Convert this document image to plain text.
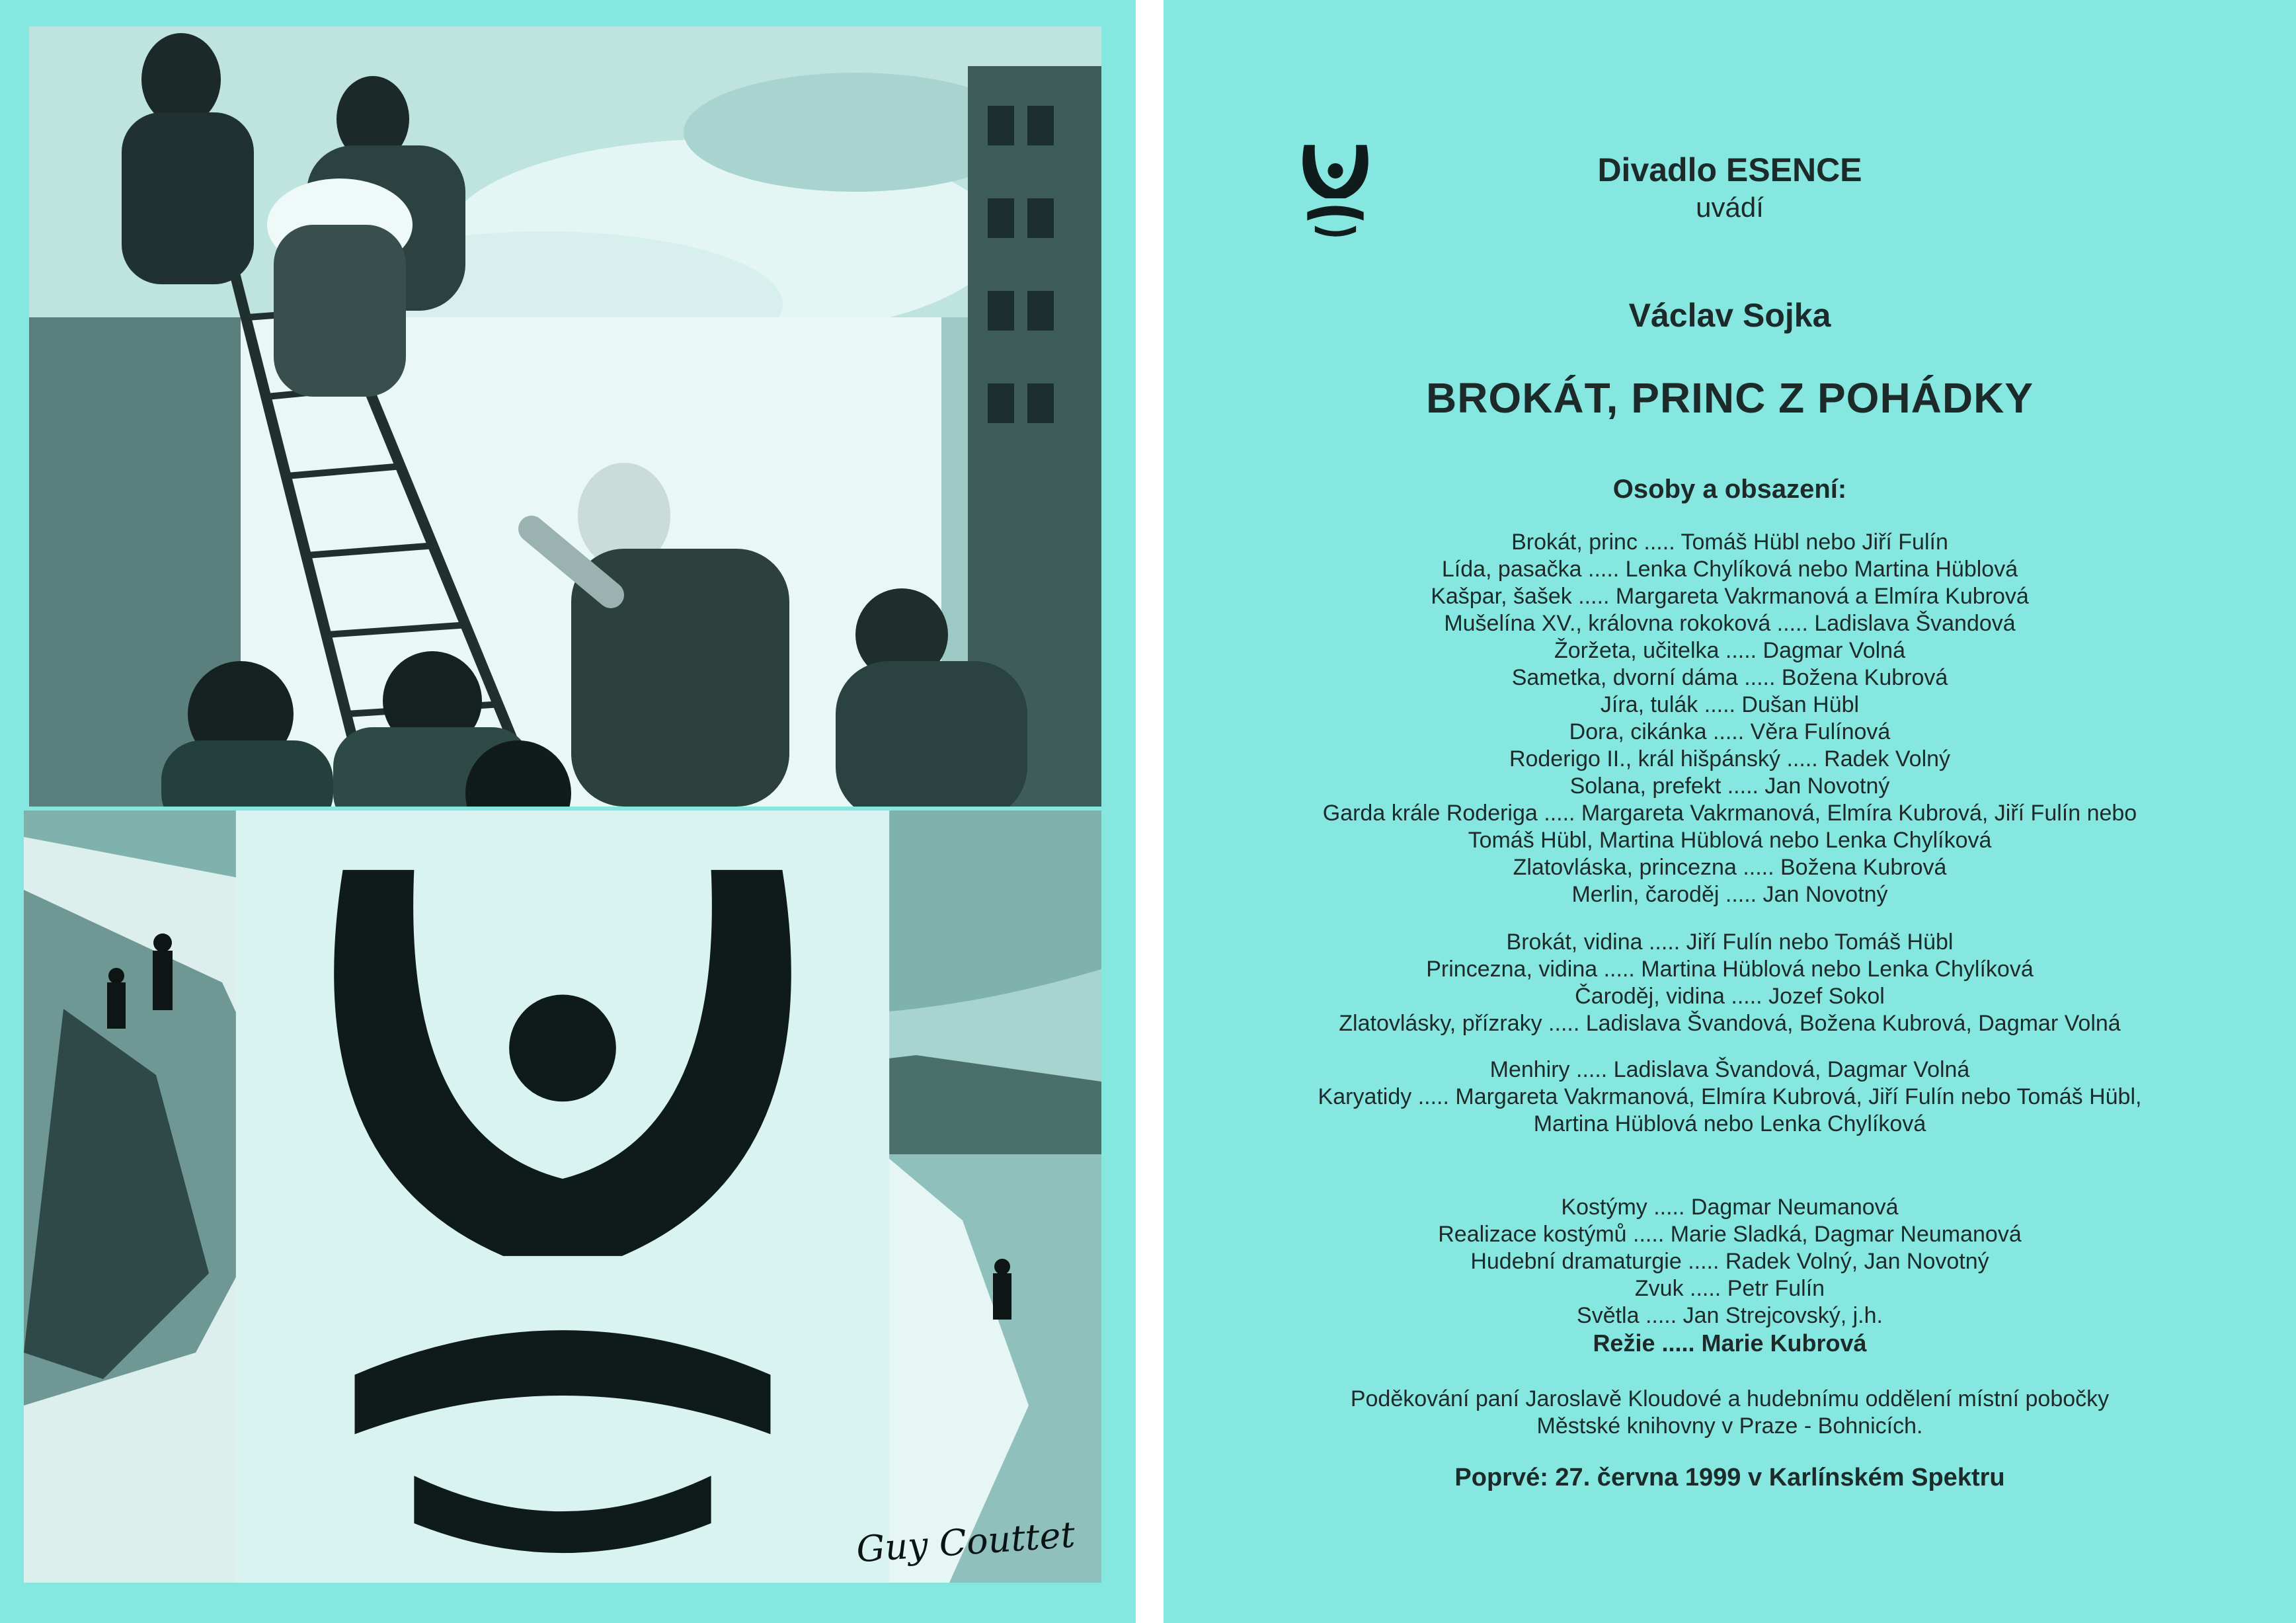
Guy Couttet
Divadlo ESENCE
uvádí
Václav Sojka
BROKÁT, PRINC Z POHÁDKY
Osoby a obsazení:
Brokát, princ ..... Tomáš Hübl nebo Jiří Fulín
Lída, pasačka ..... Lenka Chylíková nebo Martina Hüblová
Kašpar, šašek ..... Margareta Vakrmanová a Elmíra Kubrová
Mušelína XV., královna rokoková ..... Ladislava Švandová
Žoržeta, učitelka ..... Dagmar Volná
Sametka, dvorní dáma ..... Božena Kubrová
Jíra, tulák ..... Dušan Hübl
Dora, cikánka ..... Věra Fulínová
Roderigo II., král hišpánský ..... Radek Volný
Solana, prefekt ..... Jan Novotný
Garda krále Roderiga ..... Margareta Vakrmanová, Elmíra Kubrová, Jiří Fulín nebo
Tomáš Hübl, Martina Hüblová nebo Lenka Chylíková
Zlatovláska, princezna ..... Božena Kubrová
Merlin, čaroděj ..... Jan Novotný
Brokát, vidina ..... Jiří Fulín nebo Tomáš Hübl
Princezna, vidina ..... Martina Hüblová nebo Lenka Chylíková
Čaroděj, vidina ..... Jozef Sokol
Zlatovlásky, přízraky ..... Ladislava Švandová, Božena Kubrová, Dagmar Volná
Menhiry ..... Ladislava Švandová, Dagmar Volná
Karyatidy ..... Margareta Vakrmanová, Elmíra Kubrová, Jiří Fulín nebo Tomáš Hübl,
Martina Hüblová nebo Lenka Chylíková
Kostýmy ..... Dagmar Neumanová
Realizace kostýmů ..... Marie Sladká, Dagmar Neumanová
Hudební dramaturgie ..... Radek Volný, Jan Novotný
Zvuk ..... Petr Fulín
Světla ..... Jan Strejcovský, j.h.
Režie ..... Marie Kubrová
Poděkování paní Jaroslavě Kloudové a hudebnímu oddělení místní pobočky
Městské knihovny v Praze - Bohnicích.
Poprvé: 27. června 1999 v Karlínském Spektru
